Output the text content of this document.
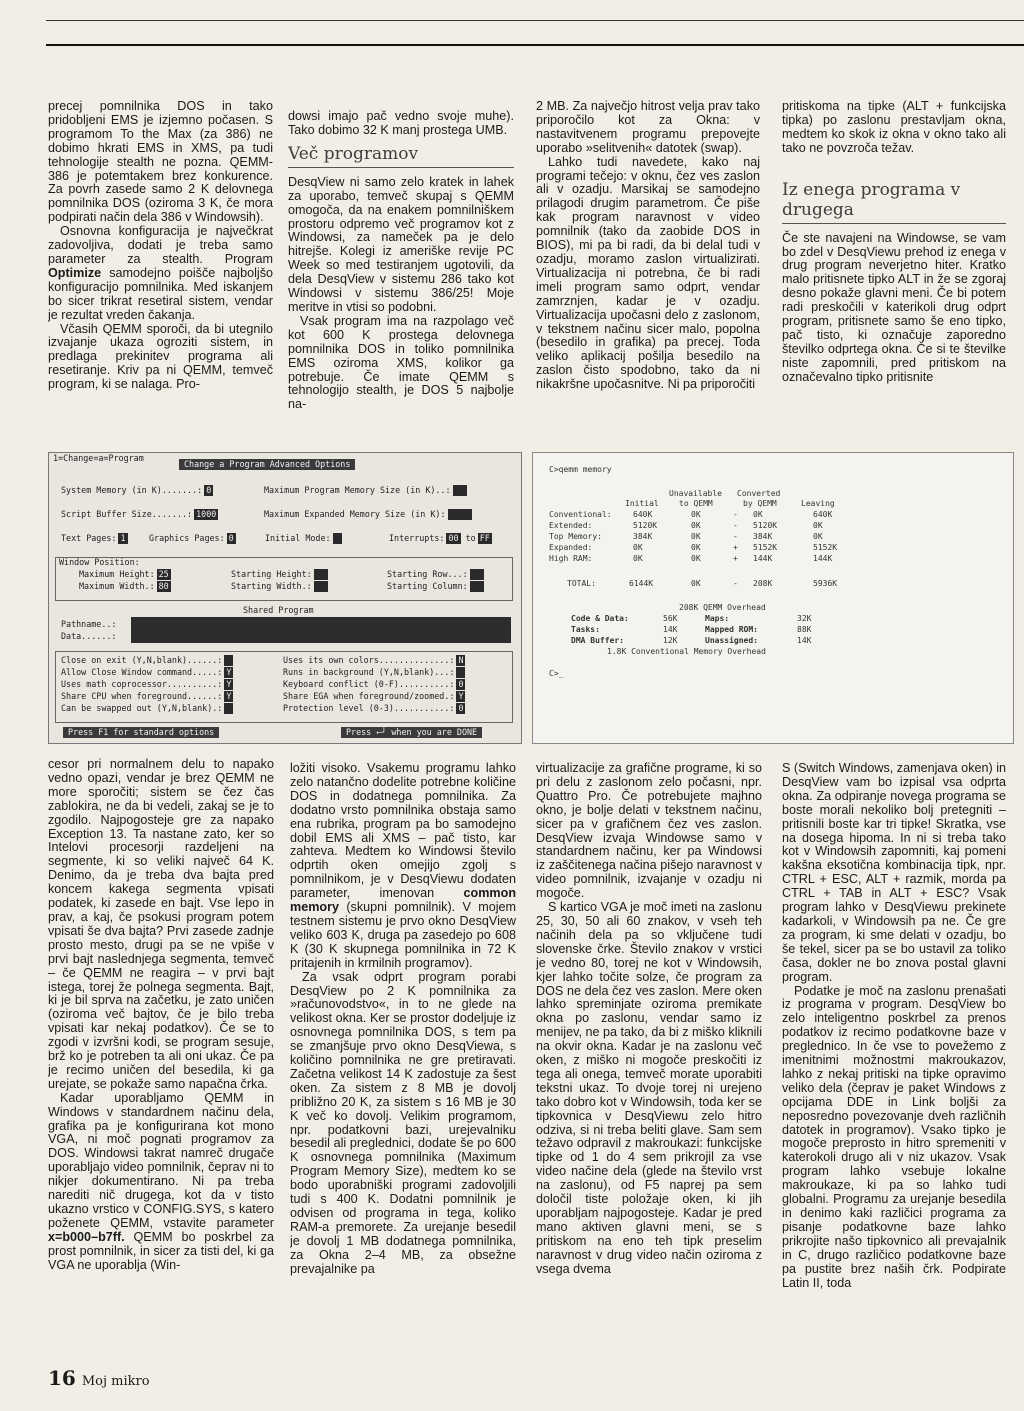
precej pomnilnika DOS in tako pridobljeni EMS je izjemno počasen. S programom To the Max (za 386) ne dobimo hkrati EMS in XMS, pa tudi tehnologije stealth ne pozna. QEMM- 386 je potemtakem brez konkurence. Za povrh zasede samo 2 K delovnega pomnilnika DOS (oziroma 3 K, če mora podpirati način dela 386 v Windowsih).

Osnovna konfiguracija je največkrat zadovoljiva, dodati je treba samo parameter za stealth. Program Optimize samodejno poišče najboljšo konfiguracijo pomnilnika. Med iskanjem bo sicer trikrat resetiral sistem, vendar je rezultat vreden čakanja.

Včasih QEMM sporoči, da bi utegnilo izvajanje ukaza ogroziti sistem, in predlaga prekinitev programa ali resetiranje. Kriv pa ni QEMM, temveč program, ki se nalaga. Pro-

dowsi imajo pač vedno svoje muhe). Tako dobimo 32 K manj prostega UMB.

Več programov

DesqView ni samo zelo kratek in lahek za uporabo, temveč skupaj s QEMM omogoča, da na enakem pomnilniškem prostoru odpremo več programov kot z Windowsi, za nameček pa je delo hitrejše. Kolegi iz ameriške revije PC Week so med testiranjem ugotovili, da dela DesqView v sistemu 286 tako kot Windowsi v sistemu 386/25! Moje meritve in vtisi so podobni.

Vsak program ima na razpolago več kot 600 K prostega delovnega pomnilnika DOS in toliko pomnilnika EMS oziroma XMS, kolikor ga potrebuje. Če imate QEMM s tehnologijo stealth, je DOS 5 najbolje na-

2 MB. Za največjo hitrost velja prav tako priporočilo kot za Okna: v nastavitvenem programu prepovejte uporabo »selitvenih« datotek (swap).

Lahko tudi navedete, kako naj programi tečejo: v oknu, čez ves zaslon ali v ozadju. Marsikaj se samodejno prilagodi drugim parametrom. Če piše kak program naravnost v video pomnilnik (tako da zaobide DOS in BIOS), mi pa bi radi, da bi delal tudi v ozadju, moramo zaslon virtualizirati. Virtualizacija ni potrebna, če bi radi imeli program samo odprt, vendar zamrznjen, kadar je v ozadju. Virtualizacija upočasni delo z zaslonom, v tekstnem načinu sicer malo, popolna (besedilo in grafika) pa precej. Toda veliko aplikacij pošilja besedilo na zaslon čisto spodobno, tako da ni nikakršne upočasnitve. Ni pa priporočiti

pritiskoma na tipke (ALT + funkcijska tipka) po zaslonu prestavljam okna, medtem ko skok iz okna v okno tako ali tako ne povzroča težav.

Iz enega programa v drugega

Če ste navajeni na Windowse, se vam bo zdel v DesqViewu prehod iz enega v drug program neverjetno hiter. Kratko malo pritisnete tipko ALT in že se zgoraj desno pokaže glavni meni. Če bi potem radi preskočili v katerikoli drug odprt program, pritisnete samo še eno tipko, pač tisto, ki označuje zaporedno številko odprtega okna. Če si te številke niste zapomnili, pred pritiskom na označevalno tipko pritisnite

1=Change=a=Program
Change a Program Advanced Options
System Memory (in K).......: 0	Maximum Program Memory Size (in K)..:
Script Buffer Size.......: 1000	Maximum Expanded Memory Size (in K):
Text Pages: 1	Graphics Pages: 0	Initial Mode:	Interrupts: 00 to FF
Window Position:
Maximum Height: 25
Maximum Width.: 80
Starting Height:
Starting Width.:
Starting Row...:
Starting Column:
Shared Program
Pathname..:
Data......:
Close on exit (Y,N,blank)......:
Allow Close Window command.....: Y
Uses math coprocessor..........: Y
Share CPU when foreground......: Y
Can be swapped out (Y,N,blank).:
Uses its own colors..............: N
Runs in background (Y,N,blank)...:
Keyboard conflict (0-F)..........: 0
Share EGA when foreground/zoomed.: Y
Protection level (0-3)...........: 0
Press F1 for standard options	Press ←┘ when you are DONE
C>qemm memory
Unavailable Converted
Initial	to QEMM	by QEMM	Leaving
Conventional:	640K	0K	- 0K	640K
Extended:	5120K	0K	- 5120K	0K
Top Memory:	384K	0K	- 384K	0K
Expanded:	0K	0K	+ 5152K	5152K
High RAM:	0K	0K	+ 144K	144K
TOTAL:	6144K	0K	- 208K	5936K
208K QEMM Overhead
Code & Data:	56K	Maps:	32K
Tasks:	14K	Mapped ROM:	88K
DMA Buffer:	12K	Unassigned:	14K
1.8K Conventional Memory Overhead
C>_

cesor pri normalnem delu to napako vedno opazi, vendar je brez QEMM ne more sporočiti; sistem se čez čas zablokira, ne da bi vedeli, zakaj se je to zgodilo. Najpogosteje gre za napako Exception 13. Ta nastane zato, ker so Intelovi procesorji razdeljeni na segmente, ki so veliki največ 64 K. Denimo, da je treba dva bajta pred koncem kakega segmenta vpisati podatek, ki zasede en bajt. Vse lepo in prav, a kaj, če psokusi program potem vpisati še dva bajta? Prvi zasede zadnje prosto mesto, drugi pa se ne vpiše v prvi bajt naslednjega segmenta, temveč – če QEMM ne reagira – v prvi bajt istega, torej že polnega segmenta. Bajt, ki je bil sprva na začetku, je zato uničen (oziroma več bajtov, če je bilo treba vpisati kar nekaj podatkov). Če se to zgodi v izvršni kodi, se program sesuje, brž ko je potreben ta ali oni ukaz. Če pa je recimo uničen del besedila, ki ga urejate, se pokaže samo napačna črka.

Kadar uporabljamo QEMM in Windows v standardnem načinu dela, grafika pa je konfigurirana kot mono VGA, ni moč pognati programov za DOS. Windowsi takrat namreč drugače uporabljajo video pomnilnik, čeprav ni to nikjer dokumentirano. Ni pa treba narediti nič drugega, kot da v tisto ukazno vrstico v CONFIG.SYS, s katero poženete QEMM, vstavite parameter x=b000–b7ff. QEMM bo poskrbel za prost pomnilnik, in sicer za tisti del, ki ga VGA ne uporablja (Win-

ložiti visoko. Vsakemu programu lahko zelo natančno dodelite potrebne količine DOS in dodatnega pomnilnika. Za dodatno vrsto pomnilnika obstaja samo ena rubrika, program pa bo samodejno dobil EMS ali XMS – pač tisto, kar zahteva. Medtem ko Windowsi število odprtih oken omejijo zgolj s pomnilnikom, je v DesqViewu dodaten parameter, imenovan common memory (skupni pomnilnik). V mojem testnem sistemu je prvo okno DesqView veliko 603 K, druga pa zasedejo po 608 K (30 K skupnega pomnilnika in 72 K pritajenih in krmilnih programov).

Za vsak odprt program porabi DesqView po 2 K pomnilnika za »računovodstvo«, in to ne glede na velikost okna. Ker se prostor dodeljuje iz osnovnega pomnilnika DOS, s tem pa se zmanjšuje prvo okno DesqViewa, s količino pomnilnika ne gre pretiravati. Začetna velikost 14 K zadostuje za šest oken. Za sistem z 8 MB je dovolj približno 20 K, za sistem s 16 MB je 30 K več ko dovolj. Velikim programom, npr. podatkovni bazi, urejevalniku besedil ali preglednici, dodate še po 600 K osnovnega pomnilnika (Maximum Program Memory Size), medtem ko se bodo uporabniški programi zadovoljili tudi s 400 K. Dodatni pomnilnik je odvisen od programa in tega, koliko RAM-a premorete. Za urejanje besedil je dovolj 1 MB dodatnega pomnilnika, za Okna 2–4 MB, za obsežne prevajalnike pa

virtualizacije za grafične programe, ki so pri delu z zaslonom zelo počasni, npr. Quattro Pro. Če potrebujete majhno okno, je bolje delati v tekstnem načinu, sicer pa v grafičnem čez ves zaslon. DesqView izvaja Windowse samo v standardnem načinu, ker pa Windowsi iz zaščitenega načina pišejo naravnost v video pomnilnik, izvajanje v ozadju ni mogoče.

S kartico VGA je moč imeti na zaslonu 25, 30, 50 ali 60 znakov, v vseh teh načinih dela pa so vključene tudi slovenske črke. Število znakov v vrstici je vedno 80, torej ne kot v Windowsih, kjer lahko točite solze, če program za DOS ne dela čez ves zaslon. Mere oken lahko spreminjate oziroma premikate okna po zaslonu, vendar samo iz menijev, ne pa tako, da bi z miško kliknili na okvir okna. Kadar je na zaslonu več oken, z miško ni mogoče preskočiti iz tega ali onega, temveč morate uporabiti tekstni ukaz. To dvoje torej ni urejeno tako dobro kot v Windowsih, toda ker se tipkovnica v DesqViewu zelo hitro odziva, si ni treba beliti glave. Sam sem težavo odpravil z makroukazi: funkcijske tipke od 1 do 4 sem prikrojil za vse video načine dela (glede na število vrst na zaslonu), od F5 naprej pa sem določil tiste položaje oken, ki jih uporabljam najpogosteje. Kadar je pred mano aktiven glavni meni, se s pritiskom na eno teh tipk preselim naravnost v drug video način oziroma z vsega dvema

S (Switch Windows, zamenjava oken) in DesqView vam bo izpisal vsa odprta okna. Za odpiranje novega programa se boste morali nekoliko bolj pretegniti – pritisnili boste kar tri tipke! Skratka, vse na dosega hipoma. In ni si treba tako kot v Windowsih zapomniti, kaj pomeni kakšna eksotična kombinacija tipk, npr. CTRL + ESC, ALT + razmik, morda pa CTRL + TAB in ALT + ESC? Vsak program lahko v DesqViewu prekinete kadarkoli, v Windowsih pa ne. Če gre za program, ki sme delati v ozadju, bo še tekel, sicer pa se bo ustavil za toliko časa, dokler ne bo znova postal glavni program.

Podatke je moč na zaslonu prenašati iz programa v program. DesqView bo zelo inteligentno poskrbel za prenos podatkov iz recimo podatkovne baze v preglednico. In če vse to povežemo z imenitnimi možnostmi makroukazov, lahko z nekaj pritiski na tipke opravimo veliko dela (čeprav je paket Windows z opcijama DDE in Link boljši za neposredno povezovanje dveh različnih datotek in programov). Vsako tipko je mogoče preprosto in hitro spremeniti v katerokoli drugo ali v niz ukazov. Vsak program lahko vsebuje lokalne makroukaze, ki pa so lahko tudi globalni. Programu za urejanje besedila in denimo kaki različici programa za pisanje podatkovne baze lahko prikrojite našo tipkovnico ali prevajalnik in C, drugo različico podatkovne baze pa pustite brez naših črk. Podpirate Latin II, toda

16 Moj mikro
